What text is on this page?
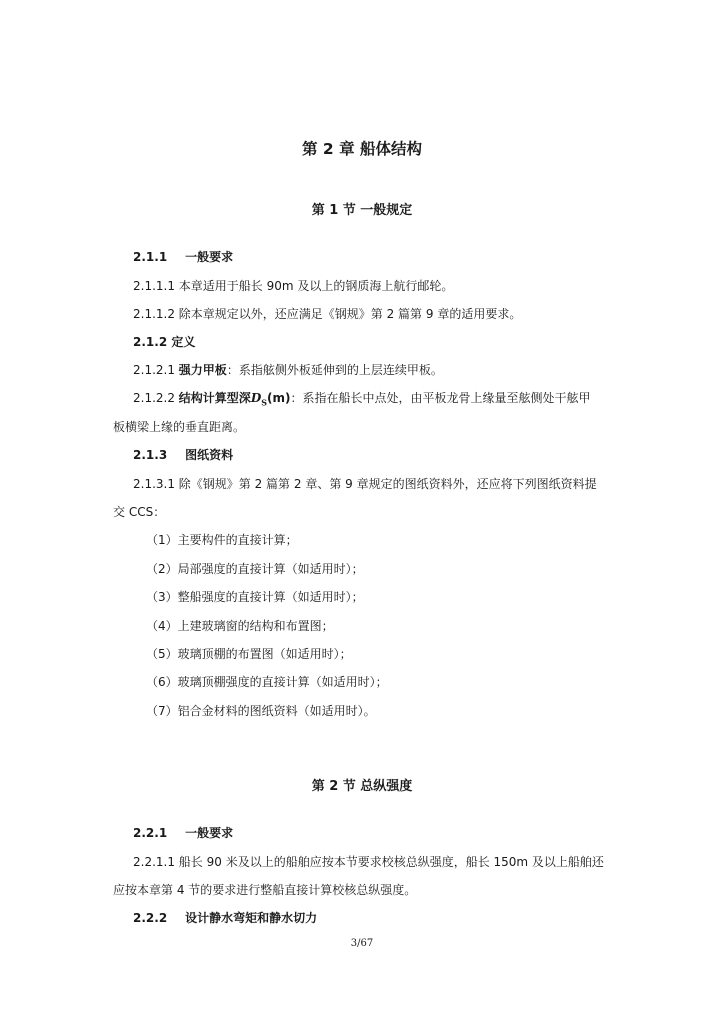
第 2 章 船体结构
第 1 节 一般规定
2.1.1 一般要求
2.1.1.1 本章适用于船长 90m 及以上的钢质海上航行邮轮。
2.1.1.2 除本章规定以外，还应满足《钢规》第 2 篇第 9 章的适用要求。
2.1.2 定义
2.1.2.1 强力甲板：系指舷侧外板延伸到的上层连续甲板。
2.1.2.2 结构计算型深$D_S(m)$：系指在船长中点处，由平板龙骨上缘量至舷侧处干舷甲
板横梁上缘的垂直距离。
2.1.3 图纸资料
2.1.3.1 除《钢规》第 2 篇第 2 章、第 9 章规定的图纸资料外，还应将下列图纸资料提
交 CCS：
（1）主要构件的直接计算；
（2）局部强度的直接计算（如适用时）；
（3）整船强度的直接计算（如适用时）；
（4）上建玻璃窗的结构和布置图；
（5）玻璃顶棚的布置图（如适用时）；
（6）玻璃顶棚强度的直接计算（如适用时）；
（7）铝合金材料的图纸资料（如适用时）。
第 2 节 总纵强度
2.2.1 一般要求
2.2.1.1 船长 90 米及以上的船舶应按本节要求校核总纵强度，船长 150m 及以上船舶还
应按本章第 4 节的要求进行整船直接计算校核总纵强度。
2.2.2 设计静水弯矩和静水切力
3/67
